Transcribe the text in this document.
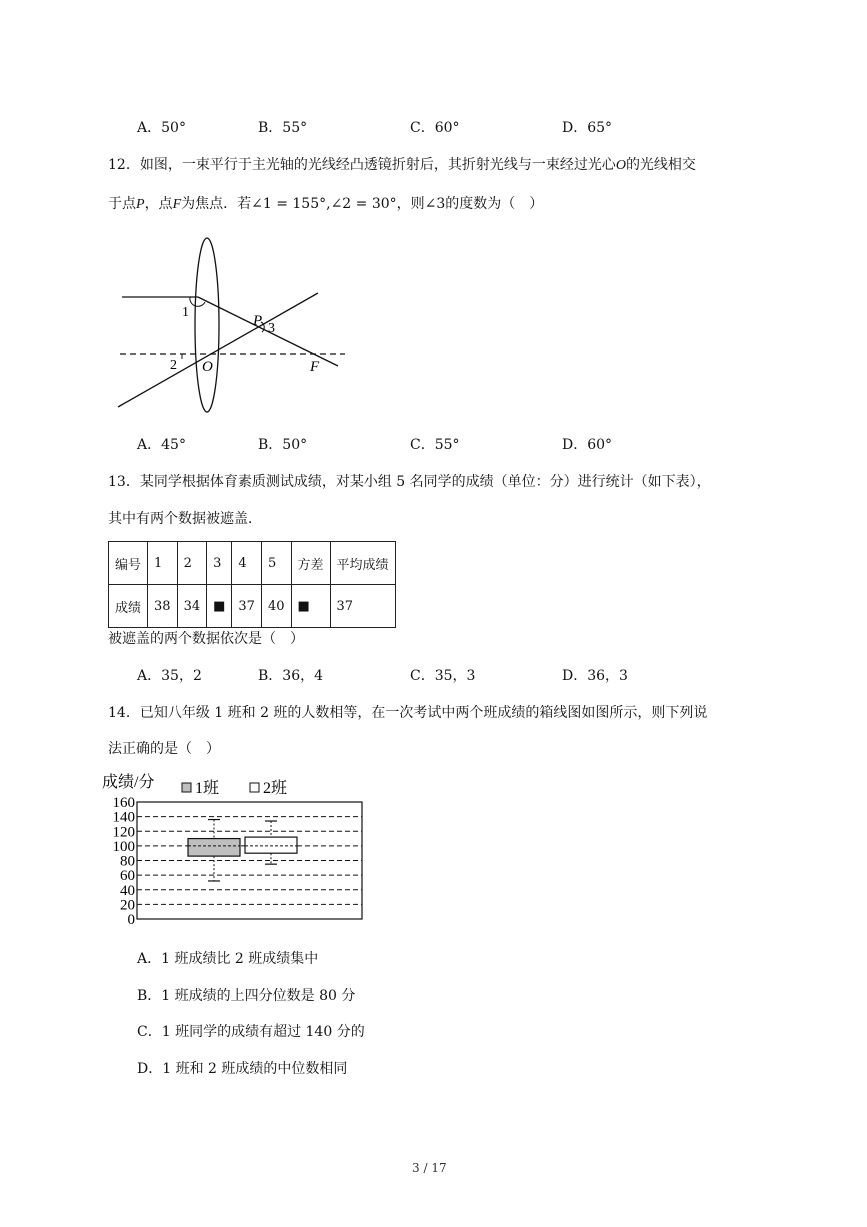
A．50°	B．55°	C．60°	D．65°
12．如图，一束平行于主光轴的光线经凸透镜折射后，其折射光线与一束经过光心O的光线相交
于点P，点F为焦点．若∠1 = 155°,∠2 = 30°，则∠3的度数为（　）
1
2
3
P
O	F
A．45°	B．50°	C．55°	D．60°
13．某同学根据体育素质测试成绩，对某小组 5 名同学的成绩（单位：分）进行统计（如下表），
其中有两个数据被遮盖．
编号	1	2	3	4	5	方差	平均成绩
成绩	38	34	■	37	40	■	37
被遮盖的两个数据依次是（　）
A．35，2	B．36，4	C．35，3	D．36，3
14．已知八年级 1 班和 2 班的人数相等，在一次考试中两个班成绩的箱线图如图所示，则下列说
法正确的是（　）
成绩/分
0
20
40
60
80
100
120
140
160
1班	2班
A．1 班成绩比 2 班成绩集中
B．1 班成绩的上四分位数是 80 分
C．1 班同学的成绩有超过 140 分的
D．1 班和 2 班成绩的中位数相同
3 / 17
